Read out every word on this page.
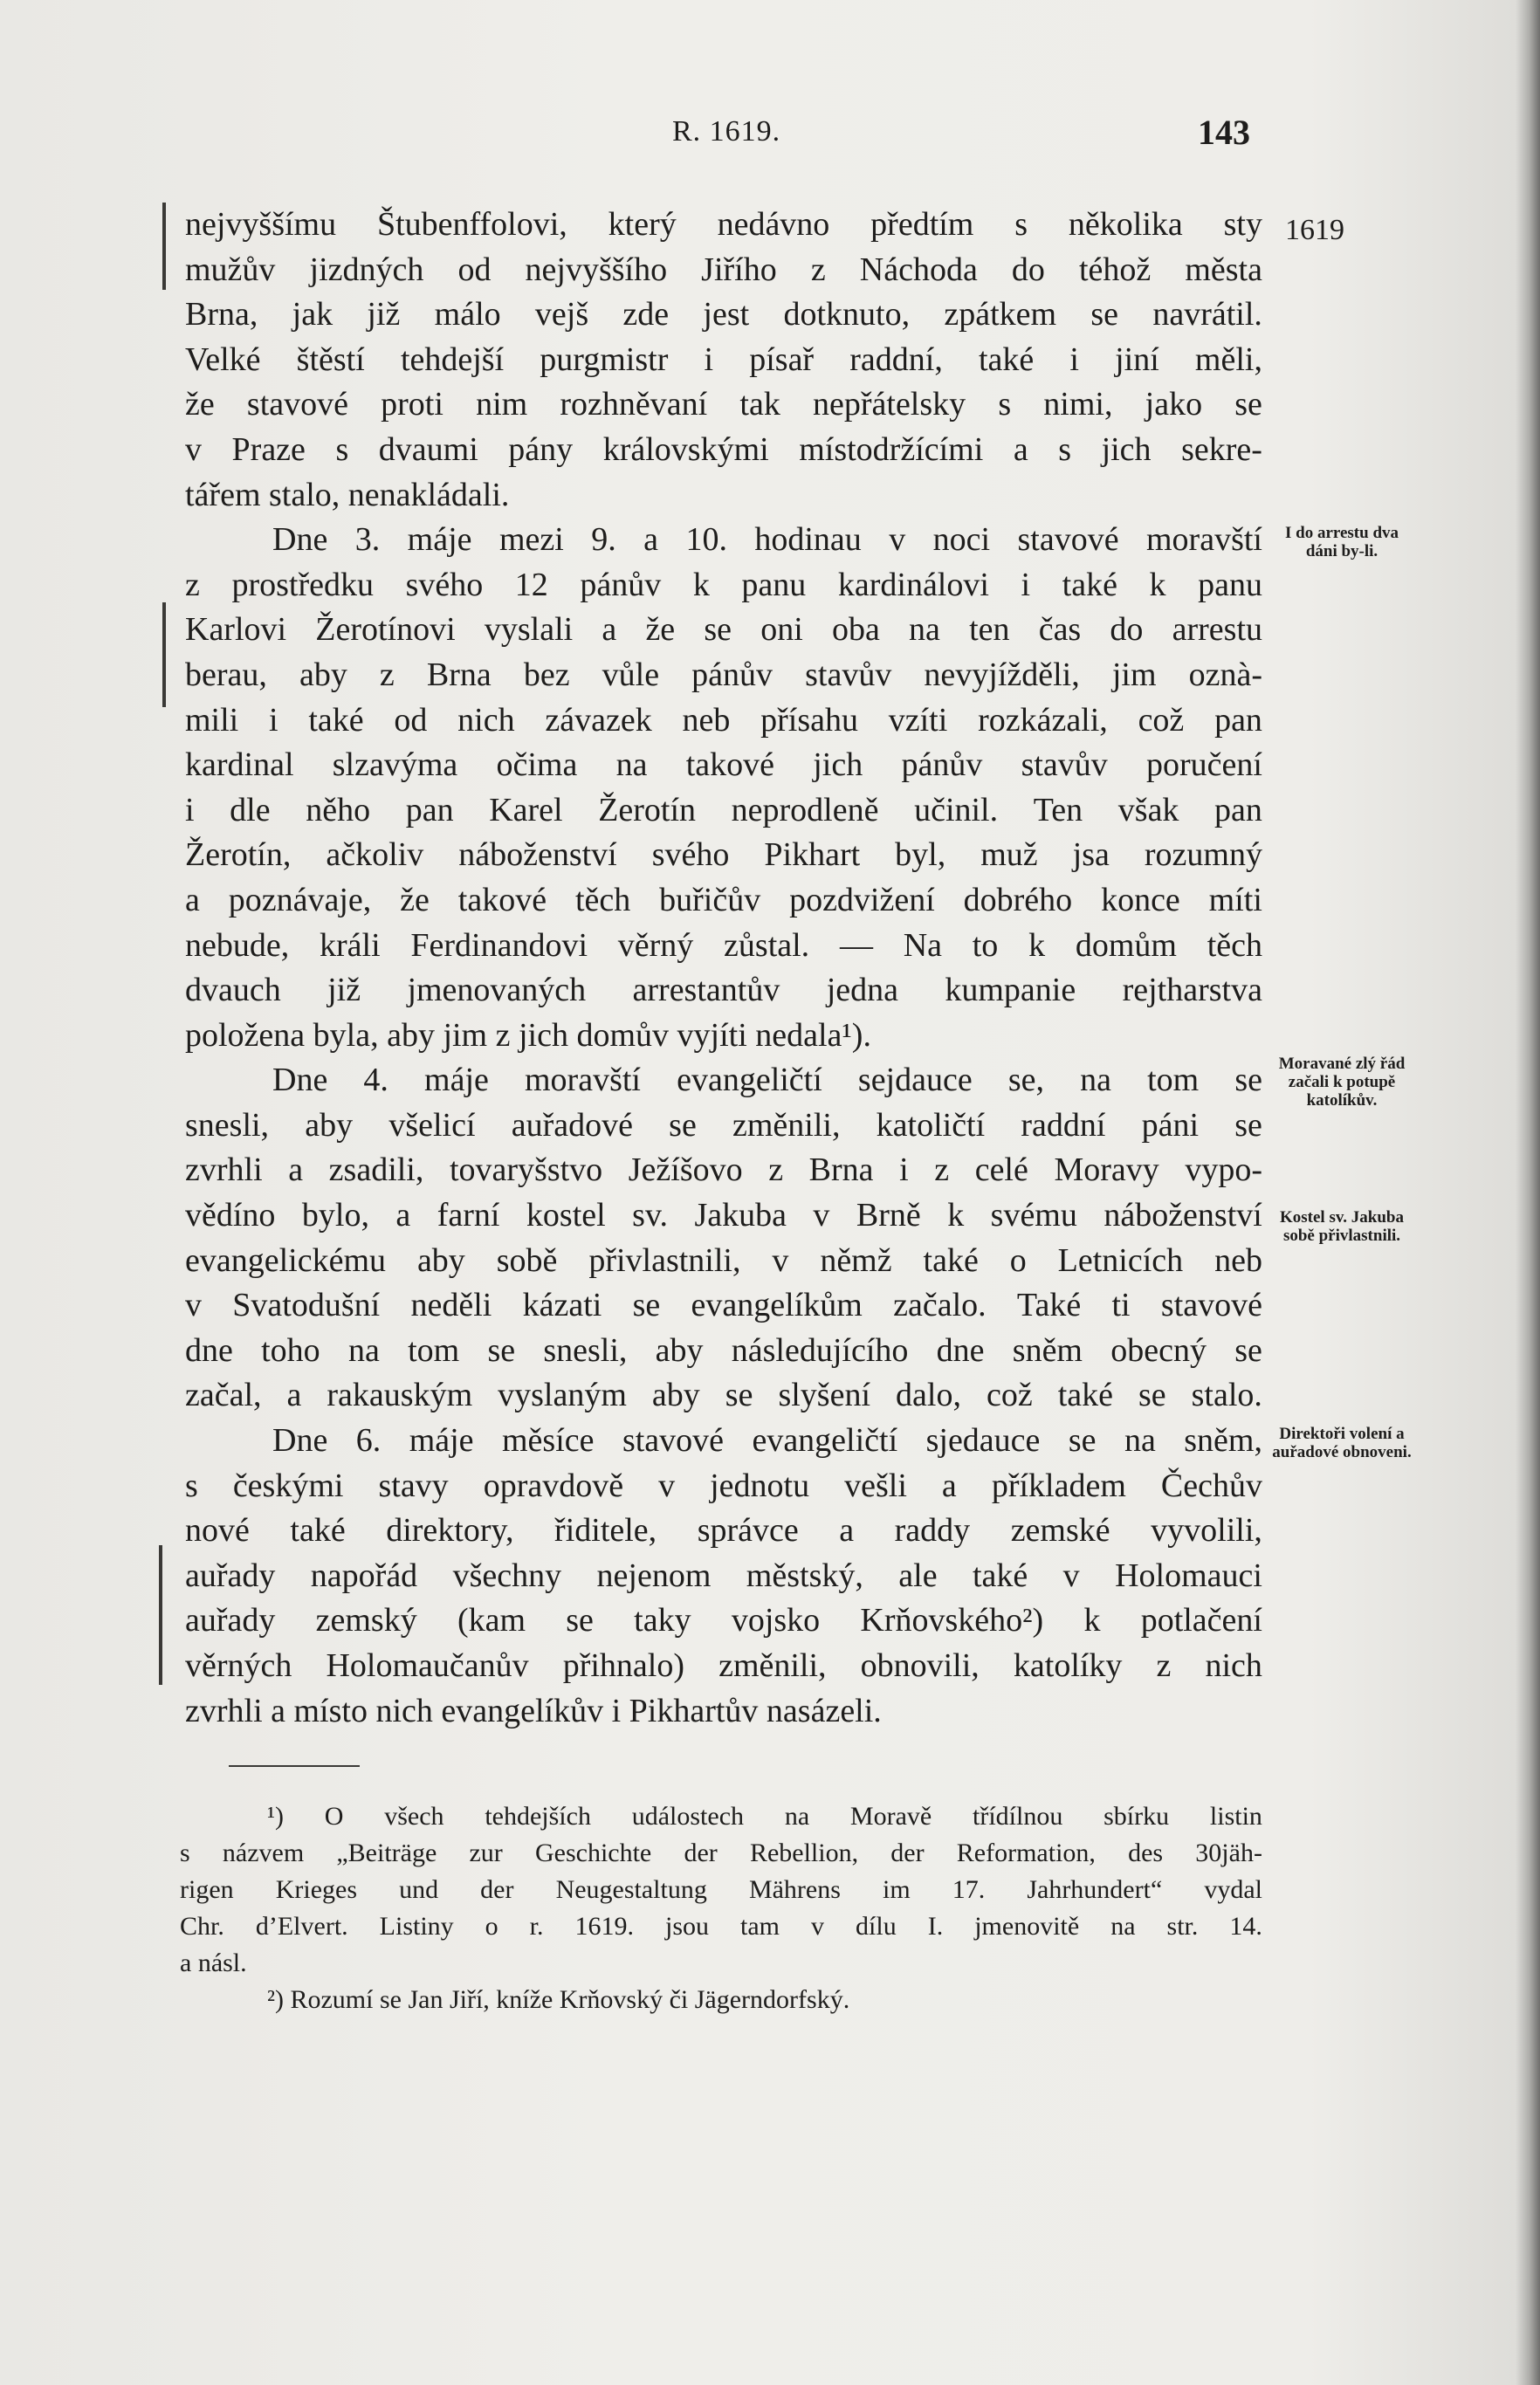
R. 1619.	143
nejvyššímu Štubenffolovi, který nedávno předtím s několika sty
mužův jizdných od nejvyššího Jiřího z Náchoda do téhož města
Brna, jak již málo vejš zde jest dotknuto, zpátkem se navrátil.
Velké štěstí tehdejší purgmistr i písař raddní, také i jiní měli,
že stavové proti nim rozhněvaní tak nepřátelsky s nimi, jako se
v Praze s dvaumi pány královskými místodržícími a s jich sekre-
tářem stalo, nenakládali.
Dne 3. máje mezi 9. a 10. hodinau v noci stavové moravští
z prostředku svého 12 pánův k panu kardinálovi i také k panu
Karlovi Žerotínovi vyslali a že se oni oba na ten čas do arrestu
berau, aby z Brna bez vůle pánův stavův nevyjížděli, jim oznà-
mili i také od nich závazek neb přísahu vzíti rozkázali, což pan
kardinal slzavýma očima na takové jich pánův stavův poručení
i dle něho pan Karel Žerotín neprodleně učinil. Ten však pan
Žerotín, ačkoliv náboženství svého Pikhart byl, muž jsa rozumný
a poznávaje, že takové těch buřičův pozdvižení dobrého konce míti
nebude, králi Ferdinandovi věrný zůstal. — Na to k domům těch
dvauch již jmenovaných arrestantův jedna kumpanie rejtharstva
položena byla, aby jim z jich domův vyjíti nedala¹).
Dne 4. máje moravští evangeličtí sejdauce se, na tom se
snesli, aby všelicí auřadové se změnili, katoličtí raddní páni se
zvrhli a zsadili, tovaryšstvo Ježíšovo z Brna i z celé Moravy vypo-
vědíno bylo, a farní kostel sv. Jakuba v Brně k svému náboženství
evangelickému aby sobě přivlastnili, v němž také o Letnicích neb
v Svatodušní neděli kázati se evangelíkům začalo. Také ti stavové
dne toho na tom se snesli, aby následujícího dne sněm obecný se
začal, a rakauským vyslaným aby se slyšení dalo, což také se stalo.
Dne 6. máje měsíce stavové evangeličtí sjedauce se na sněm,
s českými stavy opravdově v jednotu vešli a příkladem Čechův
nové také direktory, řiditele, správce a raddy zemské vyvolili,
auřady napořád všechny nejenom městský, ale také v Holomauci
auřady zemský (kam se taky vojsko Krňovského²) k potlačení
věrných Holomaučanův přihnalo) změnili, obnovili, katolíky z nich
zvrhli a místo nich evangelíkův i Pikhartův nasázeli.
1619
I do arrestu dva dáni by-li.
Moravané zlý řád začali k potupě katolíkův.
Kostel sv. Jakuba sobě přivlastnili.
Direktoři volení a auřadové obnoveni.
¹) O všech tehdejších událostech na Moravě třídílnou sbírku listin
s názvem „Beiträge zur Geschichte der Rebellion, der Reformation, des 30jäh-
rigen Krieges und der Neugestaltung Mährens im 17. Jahrhundert“ vydal
Chr. d’Elvert. Listiny o r. 1619. jsou tam v dílu I. jmenovitě na str. 14.
a násl.
²) Rozumí se Jan Jiří, kníže Krňovský či Jägerndorfský.
